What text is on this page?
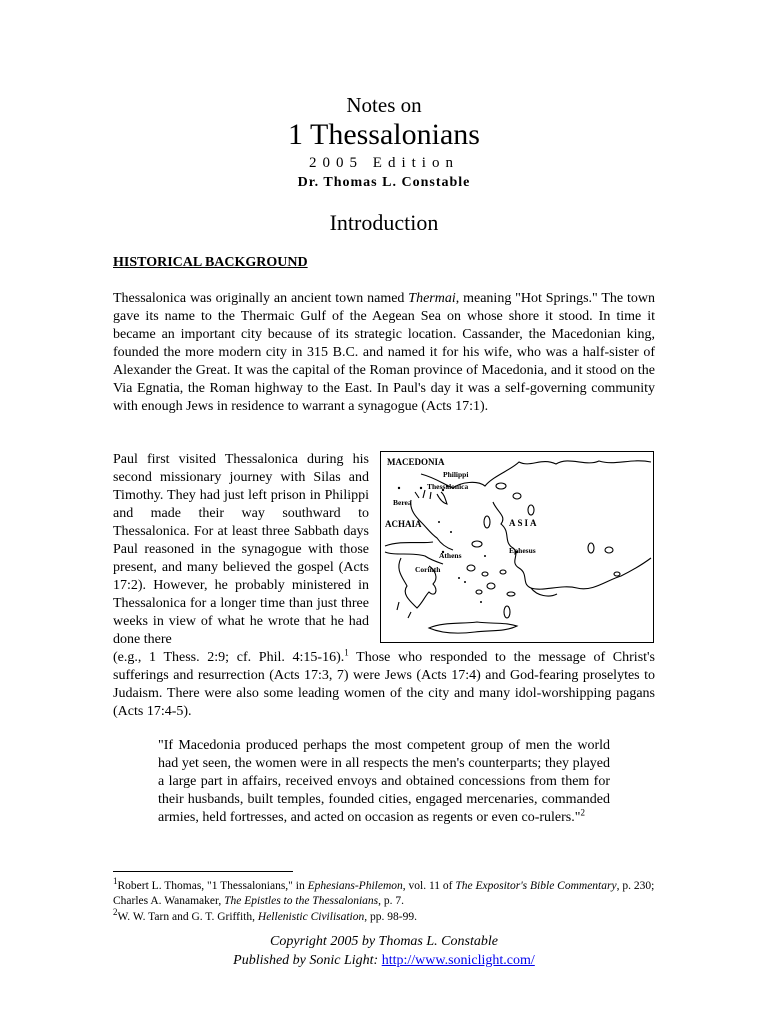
Notes on
1 Thessalonians
2005 Edition
Dr. Thomas L. Constable
Introduction
HISTORICAL BACKGROUND
Thessalonica was originally an ancient town named Thermai, meaning "Hot Springs." The town gave its name to the Thermaic Gulf of the Aegean Sea on whose shore it stood. In time it became an important city because of its strategic location. Cassander, the Macedonian king, founded the more modern city in 315 B.C. and named it for his wife, who was a half-sister of Alexander the Great. It was the capital of the Roman province of Macedonia, and it stood on the Via Egnatia, the Roman highway to the East. In Paul's day it was a self-governing community with enough Jews in residence to warrant a synagogue (Acts 17:1).
Paul first visited Thessalonica during his second missionary journey with Silas and Timothy. They had just left prison in Philippi and made their way southward to Thessalonica. For at least three Sabbath days Paul reasoned in the synagogue with those present, and many believed the gospel (Acts 17:2). However, he probably ministered in Thessalonica for a longer time than just three weeks in view of what he wrote that he had done there
MACEDONIA
Philippi
Thessalonica
Berea
ACHAIA	ASIA
Athens
Ephesus
Corinth
(e.g., 1 Thess. 2:9; cf. Phil. 4:15-16).$^1$ Those who responded to the message of Christ's sufferings and resurrection (Acts 17:3, 7) were Jews (Acts 17:4) and God-fearing proselytes to Judaism. There were also some leading women of the city and many idol-worshipping pagans (Acts 17:4-5).
"If Macedonia produced perhaps the most competent group of men the world had yet seen, the women were in all respects the men's counterparts; they played a large part in affairs, received envoys and obtained concessions from them for their husbands, built temples, founded cities, engaged mercenaries, commanded armies, held fortresses, and acted on occasion as regents or even co-rulers."$^2$
$^1$Robert L. Thomas, "1 Thessalonians," in Ephesians-Philemon, vol. 11 of The Expositor's Bible Commentary, p. 230; Charles A. Wanamaker, The Epistles to the Thessalonians, p. 7.
$^2$W. W. Tarn and G. T. Griffith, Hellenistic Civilisation, pp. 98-99.
Copyright 2005 by Thomas L. Constable
Published by Sonic Light: http://www.soniclight.com/
